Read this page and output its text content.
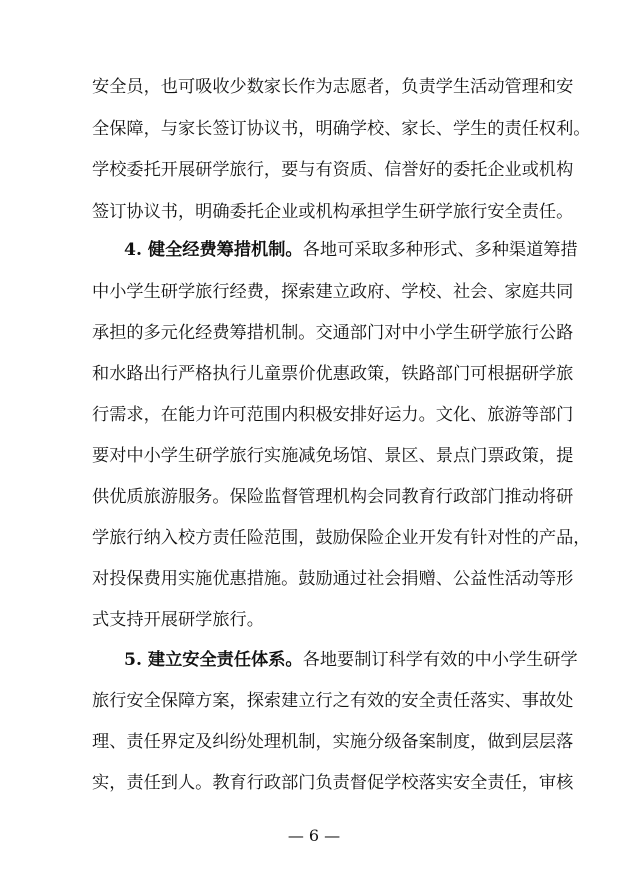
安全员，也可吸收少数家长作为志愿者，负责学生活动管理和安
全保障，与家长签订协议书，明确学校、家长、学生的责任权利。
学校委托开展研学旅行，要与有资质、信誉好的委托企业或机构
签订协议书，明确委托企业或机构承担学生研学旅行安全责任。
4. 健全经费筹措机制。各地可采取多种形式、多种渠道筹措
中小学生研学旅行经费，探索建立政府、学校、社会、家庭共同
承担的多元化经费筹措机制。交通部门对中小学生研学旅行公路
和水路出行严格执行儿童票价优惠政策，铁路部门可根据研学旅
行需求，在能力许可范围内积极安排好运力。文化、旅游等部门
要对中小学生研学旅行实施减免场馆、景区、景点门票政策，提
供优质旅游服务。保险监督管理机构会同教育行政部门推动将研
学旅行纳入校方责任险范围，鼓励保险企业开发有针对性的产品，
对投保费用实施优惠措施。鼓励通过社会捐赠、公益性活动等形
式支持开展研学旅行。
5. 建立安全责任体系。各地要制订科学有效的中小学生研学
旅行安全保障方案，探索建立行之有效的安全责任落实、事故处
理、责任界定及纠纷处理机制，实施分级备案制度，做到层层落
实，责任到人。教育行政部门负责督促学校落实安全责任，审核
— 6 —
